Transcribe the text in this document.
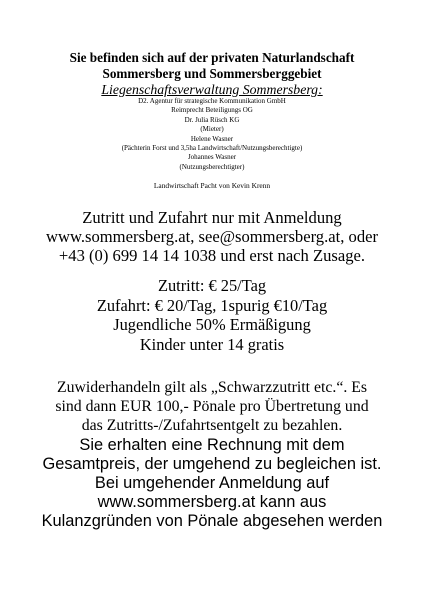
Sie befinden sich auf der privaten Naturlandschaft
Sommersberg und Sommersberggebiet
Liegenschaftsverwaltung Sommersberg:
D2. Agentur für strategische Kommunikation GmbH
Reimprecht Beteiligungs OG
Dr. Julia Rüsch KG
(Mieter)
Helene Wasner
(Pächterin Forst und 3,5ha Landwirtschaft/Nutzungsberechtigte)
Johannes Wasner
(Nutzungsberechtigter)
Landwirtschaft Pacht von Kevin Krenn
Zutritt und Zufahrt nur mit Anmeldung
www.sommersberg.at, see@sommersberg.at, oder
+43 (0) 699 14 14 1038 und erst nach Zusage.
Zutritt: € 25/Tag
Zufahrt: € 20/Tag, 1spurig €10/Tag
Jugendliche 50% Ermäßigung
Kinder unter 14 gratis
Zuwiderhandeln gilt als „Schwarzzutritt etc.“. Es
sind dann EUR 100,- Pönale pro Übertretung und
das Zutritts-/Zufahrtsentgelt zu bezahlen.
Sie erhalten eine Rechnung mit dem
Gesamtpreis, der umgehend zu begleichen ist.
Bei umgehender Anmeldung auf
www.sommersberg.at kann aus
Kulanzgründen von Pönale abgesehen werden
